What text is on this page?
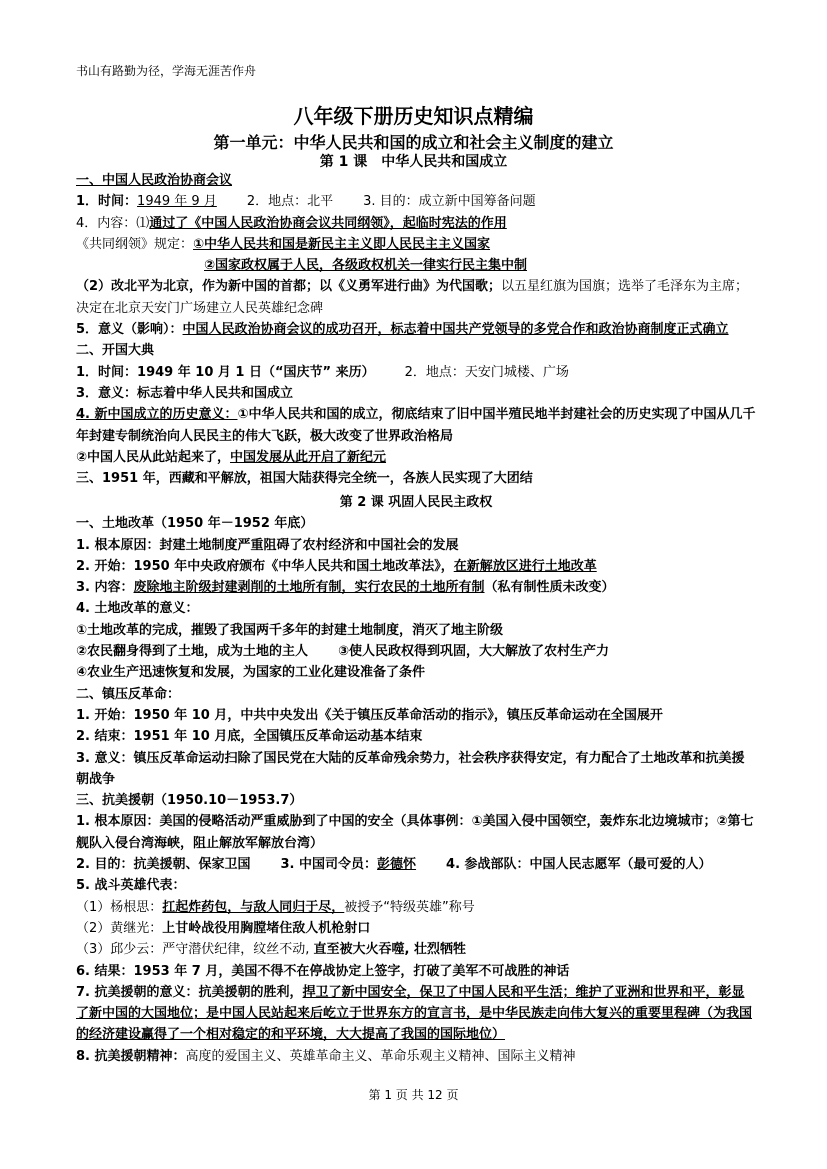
书山有路勤为径，学海无涯苦作舟
八年级下册历史知识点精编
第一单元：中华人民共和国的成立和社会主义制度的建立
第 1 课　中华人民共和国成立
一、中国人民政治协商会议
1．时间：1949 年 9 月 2．地点：北平 3. 目的：成立新中国筹备问题
4．内容：⑴通过了《中国人民政治协商会议共同纲领》，起临时宪法的作用
《共同纲领》规定：①中华人民共和国是新民主主义即人民民主主义国家
②国家政权属于人民，各级政权机关一律实行民主集中制
（2）改北平为北京，作为新中国的首都；以《义勇军进行曲》为代国歌；以五星红旗为国旗；选举了毛泽东为主席；决定在北京天安门广场建立人民英雄纪念碑
5．意义（影响）：中国人民政治协商会议的成功召开，标志着中国共产党领导的多党合作和政治协商制度正式确立
二、开国大典
1．时间：1949 年 10 月 1 日（“国庆节” 来历） 2．地点：天安门城楼、广场
3．意义：标志着中华人民共和国成立
4. 新中国成立的历史意义：①中华人民共和国的成立，彻底结束了旧中国半殖民地半封建社会的历史实现了中国从几千年封建专制统治向人民民主的伟大飞跃，极大改变了世界政治格局
②中国人民从此站起来了，中国发展从此开启了新纪元
三、1951 年，西藏和平解放，祖国大陆获得完全统一，各族人民实现了大团结
第 2 课 巩固人民民主政权
一、土地改革（1950 年－1952 年底）
1. 根本原因：封建土地制度严重阻碍了农村经济和中国社会的发展
2. 开始：1950 年中央政府颁布《中华人民共和国土地改革法》，在新解放区进行土地改革
3. 内容：废除地主阶级封建剥削的土地所有制，实行农民的土地所有制（私有制性质未改变）
4. 土地改革的意义：
①土地改革的完成，摧毁了我国两千多年的封建土地制度，消灭了地主阶级
②农民翻身得到了土地，成为土地的主人 ③使人民政权得到巩固，大大解放了农村生产力
④农业生产迅速恢复和发展，为国家的工业化建设准备了条件
二、镇压反革命：
1. 开始：1950 年 10 月，中共中央发出《关于镇压反革命活动的指示》，镇压反革命运动在全国展开
2. 结束：1951 年 10 月底，全国镇压反革命运动基本结束
3. 意义：镇压反革命运动扫除了国民党在大陆的反革命残余势力，社会秩序获得安定，有力配合了土地改革和抗美援朝战争
三、抗美援朝（1950.10－1953.7）
1. 根本原因：美国的侵略活动严重威胁到了中国的安全（具体事例：①美国入侵中国领空，轰炸东北边境城市；②第七舰队入侵台湾海峡，阻止解放军解放台湾）
2. 目的：抗美援朝、保家卫国 3. 中国司令员：彭德怀 4. 参战部队：中国人民志愿军（最可爱的人）
5. 战斗英雄代表：
（1）杨根思：扛起炸药包，与敌人同归于尽，被授予“特级英雄”称号
（2）黄继光：上甘岭战役用胸膛堵住敌人机枪射口
（3）邱少云：严守潜伏纪律，纹丝不动, 直至被大火吞噬, 壮烈牺牲
6. 结果：1953 年 7 月，美国不得不在停战协定上签字，打破了美军不可战胜的神话
7. 抗美援朝的意义：抗美援朝的胜利，捍卫了新中国安全，保卫了中国人民和平生活；维护了亚洲和世界和平，彰显了新中国的大国地位；是中国人民站起来后屹立于世界东方的宣言书，是中华民族走向伟大复兴的重要里程碑（为我国的经济建设赢得了一个相对稳定的和平环境，大大提高了我国的国际地位）
8. 抗美援朝精神：高度的爱国主义、英雄革命主义、革命乐观主义精神、国际主义精神
第 1 页 共 12 页
